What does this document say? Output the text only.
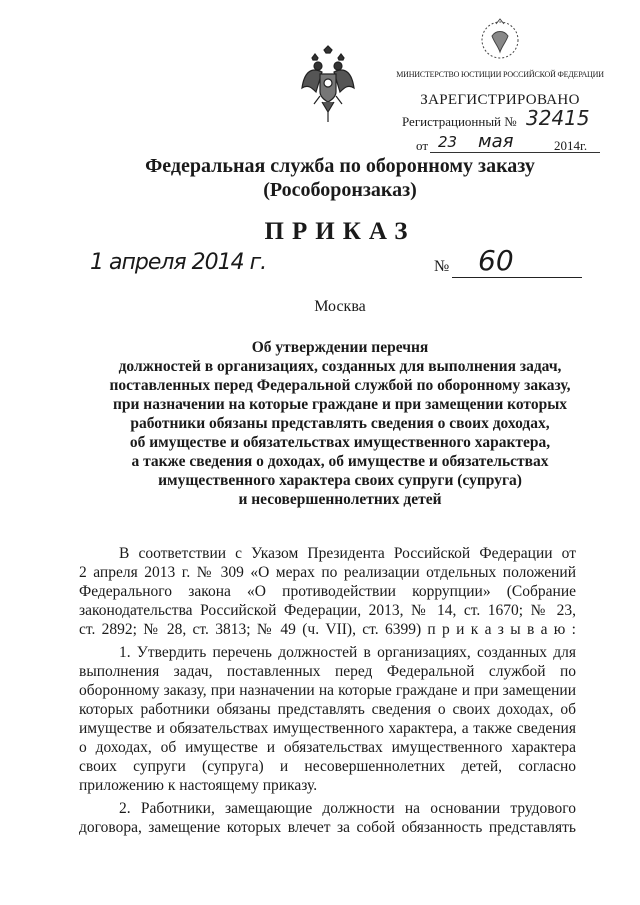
МИНИСТЕРСТВО ЮСТИЦИИ РОССИЙСКОЙ ФЕДЕРАЦИИ
ЗАРЕГИСТРИРОВАНО
Регистрационный № 32415
от 23 мая	2014г.
Федеральная служба по оборонному заказу
(Рособоронзаказ)
ПРИКАЗ
1 апреля 2014 г.	№ 60
Москва
Об утверждении перечня
должностей в организациях, созданных для выполнения задач,
поставленных перед Федеральной службой по оборонному заказу,
при назначении на которые граждане и при замещении которых
работники обязаны представлять сведения о своих доходах,
об имуществе и обязательствах имущественного характера,
а также сведения о доходах, об имуществе и обязательствах
имущественного характера своих супруги (супруга)
и несовершеннолетних детей
В соответствии с Указом Президента Российской Федерации от
2 апреля 2013 г. № 309 «О мерах по реализации отдельных положений
Федерального закона «О противодействии коррупции» (Собрание
законодательства Российской Федерации, 2013, № 14, ст. 1670; № 23,
ст. 2892; № 28, ст. 3813; № 49 (ч. VII), ст. 6399) п р и к а з ы в а ю :
1. Утвердить перечень должностей в организациях, созданных для
выполнения задач, поставленных перед Федеральной службой по
оборонному заказу, при назначении на которые граждане и при замещении
которых работники обязаны представлять сведения о своих доходах, об
имуществе и обязательствах имущественного характера, а также сведения
о доходах, об имуществе и обязательствах имущественного характера
своих супруги (супруга) и несовершеннолетних детей, согласно
приложению к настоящему приказу.
2. Работники, замещающие должности на основании трудового
договора, замещение которых влечет за собой обязанность представлять
